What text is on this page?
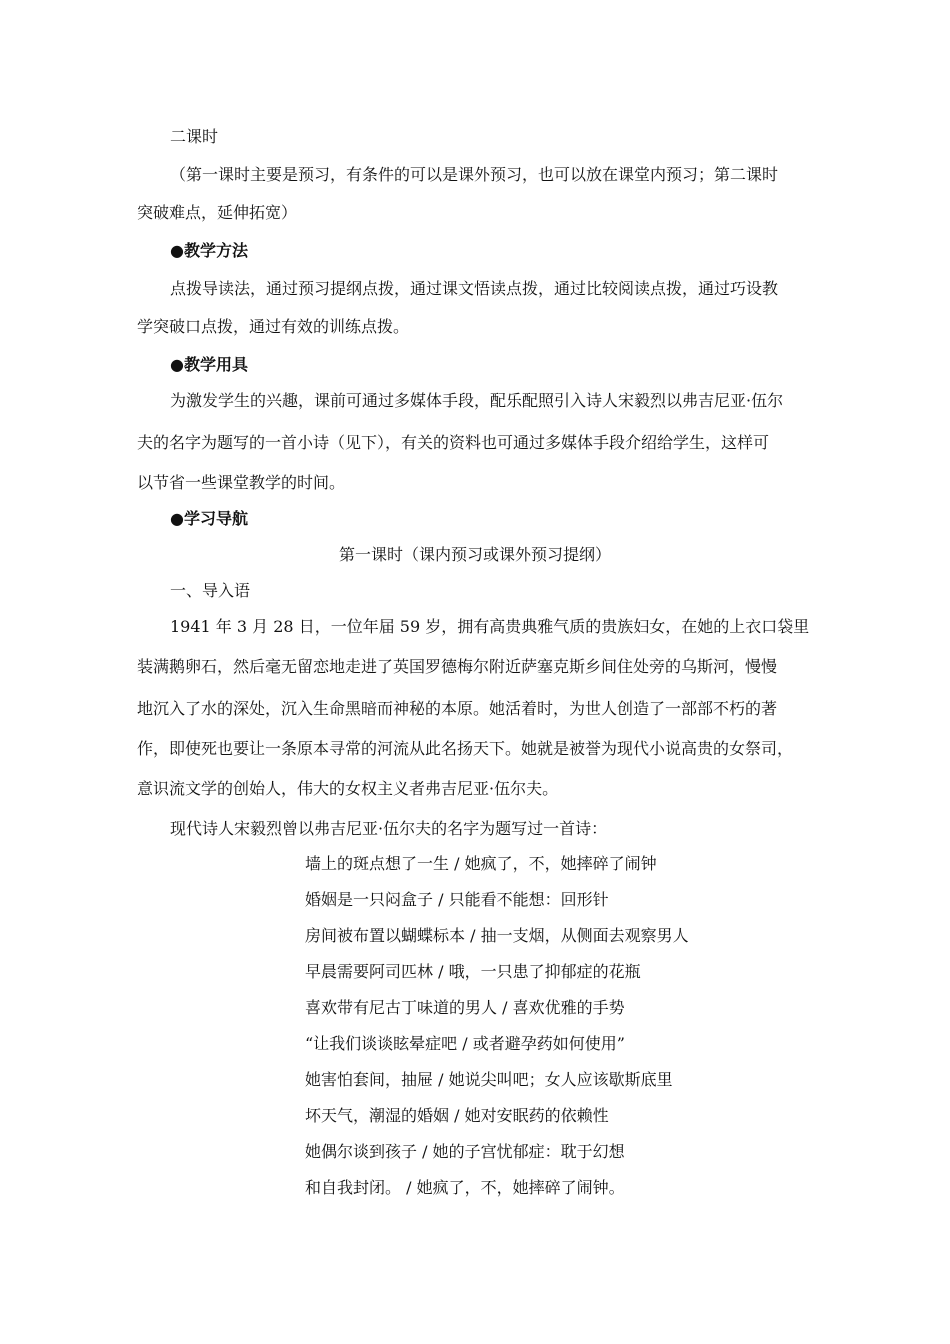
二课时
（第一课时主要是预习，有条件的可以是课外预习，也可以放在课堂内预习；第二课时
突破难点，延伸拓宽）
●教学方法
点拨导读法，通过预习提纲点拨，通过课文悟读点拨，通过比较阅读点拨，通过巧设教
学突破口点拨，通过有效的训练点拨。
●教学用具
为激发学生的兴趣，课前可通过多媒体手段，配乐配照引入诗人宋毅烈以弗吉尼亚·伍尔
夫的名字为题写的一首小诗（见下），有关的资料也可通过多媒体手段介绍给学生，这样可
以节省一些课堂教学的时间。
●学习导航
第一课时（课内预习或课外预习提纲）
一、导入语
1941 年 3 月 28 日，一位年届 59 岁，拥有高贵典雅气质的贵族妇女，在她的上衣口袋里
装满鹅卵石，然后毫无留恋地走进了英国罗德梅尔附近萨塞克斯乡间住处旁的乌斯河，慢慢
地沉入了水的深处，沉入生命黑暗而神秘的本原。她活着时，为世人创造了一部部不朽的著
作，即使死也要让一条原本寻常的河流从此名扬天下。她就是被誉为现代小说高贵的女祭司，
意识流文学的创始人，伟大的女权主义者弗吉尼亚·伍尔夫。
现代诗人宋毅烈曾以弗吉尼亚·伍尔夫的名字为题写过一首诗：
墙上的斑点想了一生 / 她疯了，不，她摔碎了闹钟
婚姻是一只闷盒子 / 只能看不能想：回形针
房间被布置以蝴蝶标本 / 抽一支烟，从侧面去观察男人
早晨需要阿司匹林 / 哦，一只患了抑郁症的花瓶
喜欢带有尼古丁味道的男人 / 喜欢优雅的手势
“让我们谈谈眩晕症吧 / 或者避孕药如何使用”
她害怕套间，抽屉 / 她说尖叫吧；女人应该歇斯底里
坏天气，潮湿的婚姻 / 她对安眠药的依赖性
她偶尔谈到孩子 / 她的子宫忧郁症：耽于幻想
和自我封闭。 / 她疯了，不，她摔碎了闹钟。
